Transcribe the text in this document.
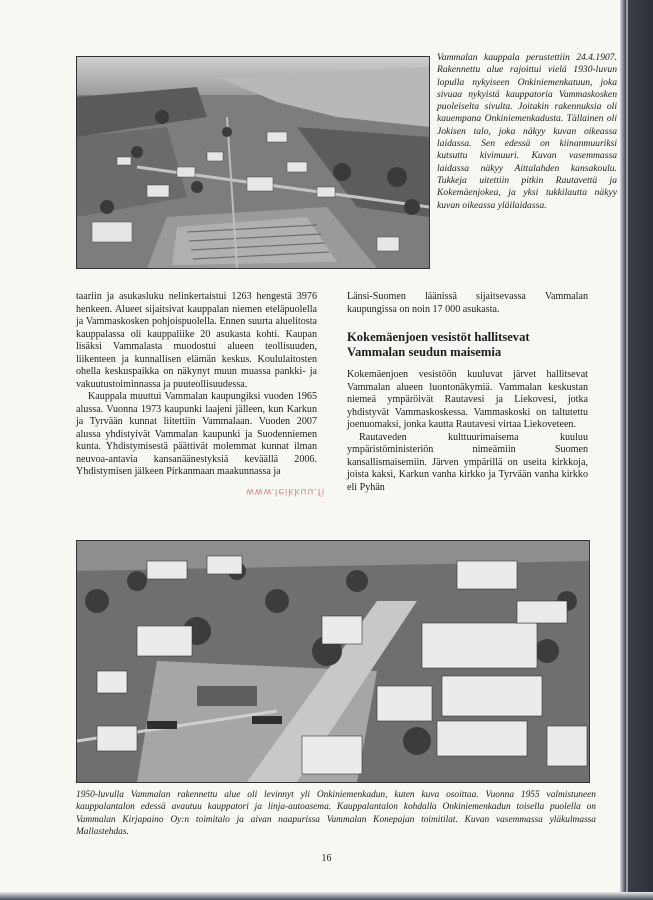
Vammalan kauppala perustettiin 24.4.1907. Rakennettu alue rajoittui vielä 1930-luvun lopulla nykyiseen Onkiniemenkatuun, joka sivuaa nykyistä kauppatoria Vammaskosken puoleiselta sivulta. Joitakin rakennuksia oli kauempana Onkiniemenkadusta. Tällainen oli Jokisen talo, joka näkyy kuvan oikeassa laidassa. Sen edessä on kiinanmuuriksi kutsuttu kivimuuri. Kuvan vasemmassa laidassa näkyy Aittalahden kansakoulu. Tukkeja uitettiin pitkin Rautavettä ja Kokemäenjokea, ja yksi tukkilautta näkyy kuvan oikeassa yläilaidassa.

taariin ja asukasluku nelinkertaistui 1263 hengestä 3976 henkeen. Alueet sijaitsivat kauppalan niemen eteläpuolella ja Vammaskosken pohjoispuolella. Ennen suurta aluelitosta kauppalassa oli kauppaliike 20 asukasta kohti. Kaupan lisäksi Vammalasta muodostui alueen teollisuuden, liikenteen ja kunnallisen elämän keskus. Koululaitosten ohella keskuspaikka on näkynyt muun muassa pankki- ja vakuutustoiminnassa ja puuteollisuudessa.

Kauppala muuttui Vammalan kaupungiksi vuoden 1965 alussa. Vuonna 1973 kaupunki laajeni jälleen, kun Karkun ja Tyrvään kunnat liitettiin Vammalaan. Vuoden 2007 alussa yhdistyivät Vammalan kaupunki ja Suodenniemen kunta. Yhdistymisestä päättivät molemmat kunnat ilman neuvoa-antavia kansanäänestyksiä keväällä 2006. Yhdistymisen jälkeen Pirkanmaan maakunnassa ja

Länsi-Suomen läänissä sijaitsevassa Vammalan kaupungissa on noin 17 000 asukasta.

Kokemäenjoen vesistöt hallitsevat Vammalan seudun maisemia

Kokemäenjoen vesistöön kuuluvat järvet hallitsevat Vammalan alueen luontonäkymiä. Vammalan keskustan niemeä ympäröivät Rautavesi ja Liekovesi, jotka yhdistyvät Vammaskoskessa. Vammaskoski on taltutettu joenuomaksi, jonka kautta Rautavesi virtaa Liekoveteen.

Rautaveden kulttuurimaisema kuuluu ympäristöministeriön nimeämiin Suomen kansallismaisemiin. Järven ympärillä on useita kirkkoja, joista kaksi, Karkun vanha kirkko ja Tyrvään vanha kirkko eli Pyhän

www.leikkuu.fi

1950-luvulla Vammalan rakennettu alue oli levinnyt yli Onkiniemenkadun, kuten kuva osoittaa. Vuonna 1955 valmistuneen kauppalantalon edessä avautuu kauppatori ja linja-autoasema. Kauppalantalon kohdalla Onkiniemenkadun toisella puolella on Vammalan Kirjapaino Oy:n toimitalo ja aivan naapurissa Vammalan Konepajan toimitilat. Kuvan vasemmassa yläkulmassa Mallastehdas.

16
